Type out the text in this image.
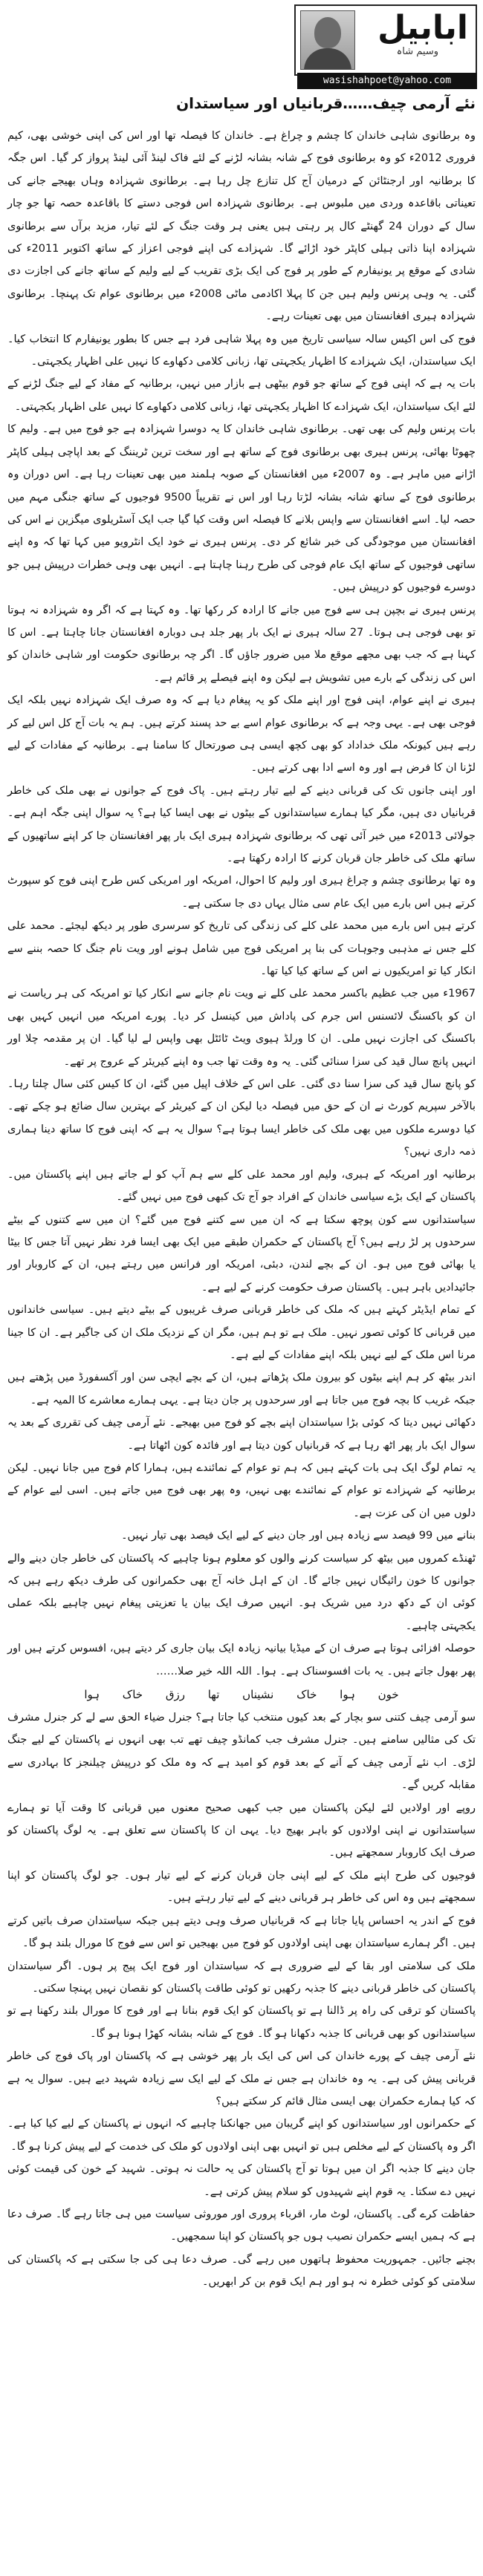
ابابیل
وسیم شاہ
wasishahpoet@yahoo.com
نئے آرمی چیف……قربانیاں اور سیاستدان

وہ برطانوی شاہی خاندان کا چشم و چراغ ہے۔ خاندان کا فیصلہ تھا اور اس کی اپنی خوشی بھی، کیم فروری 2012ء کو وہ برطانوی فوج کے شانہ بشانہ لڑنے کے لئے فاک لینڈ آئی لینڈ پرواز کر گیا۔ اس جگہ کا برطانیہ اور ارجنٹائن کے درمیان آج کل تنازع چل رہا ہے۔ برطانوی شہزادہ وہاں بھیجے جانے کی تعیناتی باقاعدہ وردی میں ملبوس ہے۔ برطانوی شہزادہ اس فوجی دستے کا باقاعدہ حصہ تھا جو چار سال کے دوران 24 گھنٹے کال پر رہتی ہیں یعنی ہر وقت جنگ کے لئے تیار، مزید برآں سے برطانوی شہزادہ اپنا ذاتی ہیلی کاپٹر خود اڑائے گا۔ شہزادے کی اپنے فوجی اعزاز کے ساتھ اکتوبر 2011ء کی شادی کے موقع پر یونیفارم کے طور پر فوج کی ایک بڑی تقریب کے لیے ولیم کے ساتھ جانے کی اجازت دی گئی۔ یہ وہی پرنس ولیم ہیں جن کا پہلا اکادمی ماٹی 2008ء میں برطانوی عوام تک پہنچا۔ برطانوی شہزادہ ہیری افغانستان میں بھی تعینات رہے۔

فوج کی اس اکیس سالہ سیاسی تاریخ میں وہ پہلا شاہی فرد ہے جس کا بطور یونیفارم کا انتخاب کیا۔ ایک سیاستدان، ایک شہزادے کا اظہار یکجہتی تھا، زبانی کلامی دکھاوے کا نہیں علی اظہار یکجہتی۔

بات یہ ہے کہ اپنی فوج کے ساتھ جو قوم بیٹھی ہے بازار میں نہیں، برطانیہ کے مفاد کے لیے جنگ لڑنے کے لئے ایک سیاستدان، ایک شہزادے کا اظہار یکجہتی تھا، زبانی کلامی دکھاوے کا نہیں علی اظہار یکجہتی۔

بات پرنس ولیم کی بھی تھی۔ برطانوی شاہی خاندان کا یہ دوسرا شہزادہ ہے جو فوج میں ہے۔ ولیم کا چھوٹا بھائی، پرنس ہیری بھی برطانوی فوج کے ساتھ ہے اور سخت ترین ٹریننگ کے بعد اپاچی ہیلی کاپٹر اڑانے میں ماہر ہے۔ وہ 2007ء میں افغانستان کے صوبہ ہلمند میں بھی تعینات رہا ہے۔ اس دوران وہ برطانوی فوج کے ساتھ شانہ بشانہ لڑتا رہا اور اس نے تقریباً 9500 فوجیوں کے ساتھ جنگی مہم میں حصہ لیا۔ اسے افغانستان سے واپس بلانے کا فیصلہ اس وقت کیا گیا جب ایک آسٹریلوی میگزین نے اس کی افغانستان میں موجودگی کی خبر شائع کر دی۔ پرنس ہیری نے خود ایک انٹرویو میں کہا تھا کہ وہ اپنے ساتھی فوجیوں کے ساتھ ایک عام فوجی کی طرح رہنا چاہتا ہے۔ انہیں بھی وہی خطرات درپیش ہیں جو دوسرے فوجیوں کو درپیش ہیں۔

پرنس ہیری نے بچپن ہی سے فوج میں جانے کا ارادہ کر رکھا تھا۔ وہ کہتا ہے کہ اگر وہ شہزادہ نہ ہوتا تو بھی فوجی ہی ہوتا۔ 27 سالہ ہیری نے ایک بار پھر جلد ہی دوبارہ افغانستان جانا چاہتا ہے۔ اس کا کہنا ہے کہ جب بھی مجھے موقع ملا میں ضرور جاؤں گا۔ اگر چہ برطانوی حکومت اور شاہی خاندان کو اس کی زندگی کے بارے میں تشویش ہے لیکن وہ اپنے فیصلے پر قائم ہے۔

ہیری نے اپنے عوام، اپنی فوج اور اپنے ملک کو یہ پیغام دیا ہے کہ وہ صرف ایک شہزادہ نہیں بلکہ ایک فوجی بھی ہے۔ یہی وجہ ہے کہ برطانوی عوام اسے بے حد پسند کرتے ہیں۔ ہم یہ بات آج کل اس لیے کر رہے ہیں کیونکہ ملک خداداد کو بھی کچھ ایسی ہی صورتحال کا سامنا ہے۔ برطانیہ کے مفادات کے لیے لڑنا ان کا فرض ہے اور وہ اسے ادا بھی کرتے ہیں۔

اور اپنی جانوں تک کی قربانی دینے کے لیے تیار رہتے ہیں۔ پاک فوج کے جوانوں نے بھی ملک کی خاطر قربانیاں دی ہیں، مگر کیا ہمارے سیاستدانوں کے بیٹوں نے بھی ایسا کیا ہے؟ یہ سوال اپنی جگہ اہم ہے۔ جولائی 2013ء میں خبر آئی تھی کہ برطانوی شہزادہ ہیری ایک بار پھر افغانستان جا کر اپنے ساتھیوں کے ساتھ ملک کی خاطر جان قربان کرنے کا ارادہ رکھتا ہے۔

وہ تھا برطانوی چشم و چراغ ہیری اور ولیم کا احوال، امریکہ اور امریکی کس طرح اپنی فوج کو سپورٹ کرتے ہیں اس بارے میں ایک عام سی مثال یہاں دی جا سکتی ہے۔

کرتے ہیں اس بارے میں محمد علی کلے کی زندگی کی تاریخ کو سرسری طور پر دیکھ لیجئے۔ محمد علی کلے جس نے مذہبی وجوہات کی بنا پر امریکی فوج میں شامل ہونے اور ویت نام جنگ کا حصہ بننے سے انکار کیا تو امریکیوں نے اس کے ساتھ کیا کیا تھا۔

1967ء میں جب عظیم باکسر محمد علی کلے نے ویت نام جانے سے انکار کیا تو امریکہ کی ہر ریاست نے ان کو باکسنگ لائسنس اس جرم کی پاداش میں کینسل کر دیا۔ پورے امریکہ میں انہیں کہیں بھی باکسنگ کی اجازت نہیں ملی۔ ان کا ورلڈ ہیوی ویٹ ٹائٹل بھی واپس لے لیا گیا۔ ان پر مقدمہ چلا اور انہیں پانچ سال قید کی سزا سنائی گئی۔ یہ وہ وقت تھا جب وہ اپنے کیریئر کے عروج پر تھے۔

کو پانچ سال قید کی سزا سنا دی گئی۔ علی اس کے خلاف اپیل میں گئے، ان کا کیس کئی سال چلتا رہا۔ بالآخر سپریم کورٹ نے ان کے حق میں فیصلہ دیا لیکن ان کے کیریئر کے بہترین سال ضائع ہو چکے تھے۔ کیا دوسرے ملکوں میں بھی ملک کی خاطر ایسا ہوتا ہے؟ سوال یہ ہے کہ اپنی فوج کا ساتھ دینا ہماری ذمہ داری نہیں؟

برطانیہ اور امریکہ کے ہیری، ولیم اور محمد علی کلے سے ہم آپ کو لے جاتے ہیں اپنے پاکستان میں۔ پاکستان کے ایک بڑے سیاسی خاندان کے افراد جو آج تک کبھی فوج میں نہیں گئے۔

سیاستدانوں سے کون پوچھ سکتا ہے کہ ان میں سے کتنے فوج میں گئے؟ ان میں سے کتنوں کے بیٹے سرحدوں پر لڑ رہے ہیں؟ آج پاکستان کے حکمران طبقے میں ایک بھی ایسا فرد نظر نہیں آتا جس کا بیٹا یا بھائی فوج میں ہو۔ ان کے بچے لندن، دبئی، امریکہ اور فرانس میں رہتے ہیں، ان کے کاروبار اور جائیدادیں باہر ہیں۔ پاکستان صرف حکومت کرنے کے لیے ہے۔

کے تمام ایڈیٹر کہتے ہیں کہ ملک کی خاطر قربانی صرف غریبوں کے بیٹے دیتے ہیں۔ سیاسی خاندانوں میں قربانی کا کوئی تصور نہیں۔ ملک ہے تو ہم ہیں، مگر ان کے نزدیک ملک ان کی جاگیر ہے۔ ان کا جینا مرنا اس ملک کے لیے نہیں بلکہ اپنے مفادات کے لیے ہے۔

اندر بیٹھ کر ہم اپنے بیٹوں کو بیرون ملک پڑھاتے ہیں، ان کے بچے ایچی سن اور آکسفورڈ میں پڑھتے ہیں جبکہ غریب کا بچہ فوج میں جاتا ہے اور سرحدوں پر جان دیتا ہے۔ یہی ہمارے معاشرے کا المیہ ہے۔

دکھائی نہیں دیتا کہ کوئی بڑا سیاستدان اپنے بچے کو فوج میں بھیجے۔ نئے آرمی چیف کی تقرری کے بعد یہ سوال ایک بار پھر اٹھ رہا ہے کہ قربانیاں کون دیتا ہے اور فائدہ کون اٹھاتا ہے۔

یہ تمام لوگ ایک ہی بات کہتے ہیں کہ ہم تو عوام کے نمائندے ہیں، ہمارا کام فوج میں جانا نہیں۔ لیکن برطانیہ کے شہزادے تو عوام کے نمائندے بھی نہیں، وہ پھر بھی فوج میں جاتے ہیں۔ اسی لیے عوام کے دلوں میں ان کی عزت ہے۔

بنانے میں 99 فیصد سے زیادہ ہیں اور جان دینے کے لیے ایک فیصد بھی تیار نہیں۔

ٹھنڈے کمروں میں بیٹھ کر سیاست کرنے والوں کو معلوم ہونا چاہیے کہ پاکستان کی خاطر جان دینے والے جوانوں کا خون رائیگاں نہیں جائے گا۔ ان کے اہل خانہ آج بھی حکمرانوں کی طرف دیکھ رہے ہیں کہ کوئی ان کے دکھ درد میں شریک ہو۔ انہیں صرف ایک بیان یا تعزیتی پیغام نہیں چاہیے بلکہ عملی یکجہتی چاہیے۔

حوصلہ افزائی ہوتا ہے صرف ان کے میڈیا بیانیہ زیادہ ایک بیان جاری کر دیتے ہیں، افسوس کرتے ہیں اور پھر بھول جاتے ہیں۔ یہ بات افسوسناک ہے۔ ہوا۔ اللہ اللہ خیر صلا……

خون ہوا خاک نشیناں تھا رزق خاک ہوا

سو آرمی چیف کتنی سو بچار کے بعد کیوں منتخب کیا جاتا ہے؟ جنرل ضیاء الحق سے لے کر جنرل مشرف تک کی مثالیں سامنے ہیں۔ جنرل مشرف جب کمانڈو چیف تھے تب بھی انہوں نے پاکستان کے لیے جنگ لڑی۔ اب نئے آرمی چیف کے آنے کے بعد قوم کو امید ہے کہ وہ ملک کو درپیش چیلنجز کا بہادری سے مقابلہ کریں گے۔

روپے اور اولادیں لئے لیکن پاکستان میں جب کبھی صحیح معنوں میں قربانی کا وقت آیا تو ہمارے سیاستدانوں نے اپنی اولادوں کو باہر بھیج دیا۔ یہی ان کا پاکستان سے تعلق ہے۔ یہ لوگ پاکستان کو صرف ایک کاروبار سمجھتے ہیں۔

فوجیوں کی طرح اپنے ملک کے لیے اپنی جان قربان کرنے کے لیے تیار ہوں۔ جو لوگ پاکستان کو اپنا سمجھتے ہیں وہ اس کی خاطر ہر قربانی دینے کے لیے تیار رہتے ہیں۔

فوج کے اندر یہ احساس پایا جاتا ہے کہ قربانیاں صرف وہی دیتے ہیں جبکہ سیاستدان صرف باتیں کرتے ہیں۔ اگر ہمارے سیاستدان بھی اپنی اولادوں کو فوج میں بھیجیں تو اس سے فوج کا مورال بلند ہو گا۔

ملک کی سلامتی اور بقا کے لیے ضروری ہے کہ سیاستدان اور فوج ایک پیج پر ہوں۔ اگر سیاستدان پاکستان کی خاطر قربانی دینے کا جذبہ رکھیں تو کوئی طاقت پاکستان کو نقصان نہیں پہنچا سکتی۔

پاکستان کو ترقی کی راہ پر ڈالنا ہے تو پاکستان کو ایک قوم بنانا ہے اور فوج کا مورال بلند رکھنا ہے تو سیاستدانوں کو بھی قربانی کا جذبہ دکھانا ہو گا۔ فوج کے شانہ بشانہ کھڑا ہونا ہو گا۔

نئے آرمی چیف کے پورے خاندان کی اس کی ایک بار پھر خوشی ہے کہ پاکستان اور پاک فوج کی خاطر قربانی پیش کی ہے۔ یہ وہ خاندان ہے جس نے ملک کے لیے ایک سے زیادہ شہید دیے ہیں۔ سوال یہ ہے کہ کیا ہمارے حکمران بھی ایسی مثال قائم کر سکتے ہیں؟

کے حکمرانوں اور سیاستدانوں کو اپنے گریبان میں جھانکنا چاہیے کہ انہوں نے پاکستان کے لیے کیا کیا ہے۔ اگر وہ پاکستان کے لیے مخلص ہیں تو انہیں بھی اپنی اولادوں کو ملک کی خدمت کے لیے پیش کرنا ہو گا۔

جان دینے کا جذبہ اگر ان میں ہوتا تو آج پاکستان کی یہ حالت نہ ہوتی۔ شہید کے خون کی قیمت کوئی نہیں دے سکتا۔ یہ قوم اپنے شہیدوں کو سلام پیش کرتی ہے۔

حفاظت کرے گی۔ پاکستان، لوٹ مار، اقرباء پروری اور موروثی سیاست میں ہی جاتا رہے گا۔ صرف دعا ہے کہ ہمیں ایسے حکمران نصیب ہوں جو پاکستان کو اپنا سمجھیں۔

بچنے جائیں۔ جمہوریت محفوظ ہاتھوں میں رہے گی۔ صرف دعا ہی کی جا سکتی ہے کہ پاکستان کی سلامتی کو کوئی خطرہ نہ ہو اور ہم ایک قوم بن کر ابھریں۔
